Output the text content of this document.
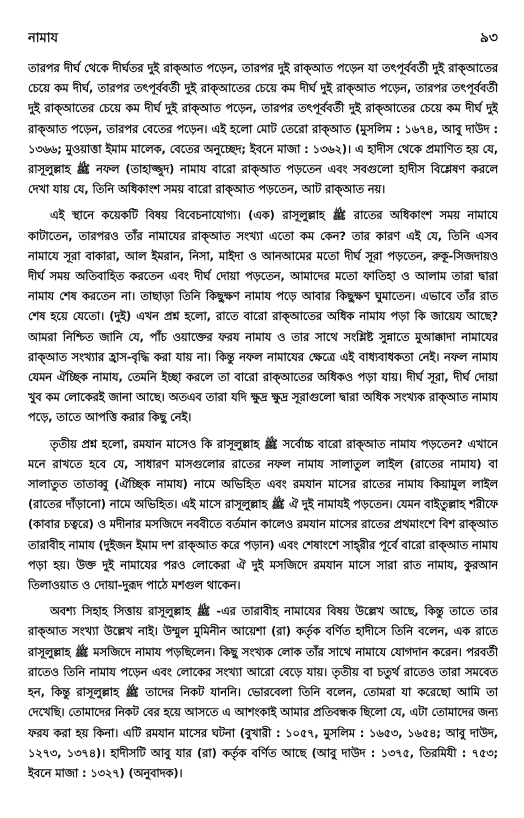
নামায	৯৩

তারপর দীর্ঘ থেকে দীর্ঘতর দুই রাক্‌আত পড়েন, তারপর দুই রাক্‌আত পড়েন যা তৎপূর্ববর্তী দুই রাক্‌আতের চেয়ে কম দীর্ঘ, তারপর তৎপূর্ববর্তী দুই রাক্‌আতের চেয়ে কম দীর্ঘ দুই রাক্‌আত পড়েন, তারপর তৎপূর্ববর্তী দুই রাক্‌আতের চেয়ে কম দীর্ঘ দুই রাক্‌আত পড়েন, তারপর তৎপূর্ববর্তী দুই রাক্‌আতের চেয়ে কম দীর্ঘ দুই রাক্‌আত পড়েন, তারপর বেতের পড়েন। এই হলো মোট তেরো রাক্‌আত (মুসলিম : ১৬৭৪, আবু দাউদ : ১৩৬৬; মুওয়াত্তা ইমাম মালেক, বেতের অনুচ্ছেদ; ইবনে মাজা : ১৩৬২)। এ হাদীস থেকে প্রমাণিত হয় যে, রাসূলুল্লাহ ﷺ নফল (তাহাজ্জুদ) নামায বারো রাক্‌আত পড়তেন এবং সবগুলো হাদীস বিশ্লেষণ করলে দেখা যায় যে, তিনি অধিকাংশ সময় বারো রাক্‌আত পড়তেন, আট রাক্‌আত নয়।

এই স্থানে কয়েকটি বিষয় বিবেচনাযোগ্য। (এক) রাসূলুল্লাহ ﷺ রাতের অধিকাংশ সময় নামাযে কাটাতেন, তারপরও তাঁর নামাযের রাক্‌আত সংখ্যা এতো কম কেন? তার কারণ এই যে, তিনি এসব নামাযে সূরা বাকারা, আল ইমরান, নিসা, মাইদা ও আনআমের মতো দীর্ঘ সূরা পড়তেন, রুকূ-সিজদায়ও দীর্ঘ সময় অতিবাহিত করতেন এবং দীর্ঘ দোয়া পড়তেন, আমাদের মতো ফাতিহা ও আলাম তারা দ্বারা নামায শেষ করতেন না। তাছাড়া তিনি কিছুক্ষণ নামায পড়ে আবার কিছুক্ষণ ঘুমাতেন। এভাবে তাঁর রাত শেষ হয়ে যেতো। (দুই) এখন প্রশ্ন হলো, রাতে বারো রাক্‌আতের অধিক নামায পড়া কি জায়েয আছে? আমরা নিশ্চিত জানি যে, পাঁচ ওয়াক্তের ফরয নামায ও তার সাথে সংশ্লিষ্ট সুন্নাতে মুআক্কাদা নামাযের রাক্‌আত সংখ্যার হ্রাস-বৃদ্ধি করা যায় না। কিন্তু নফল নামাযের ক্ষেত্রে এই বাধ্যবাধকতা নেই। নফল নামায যেমন ঐচ্ছিক নামায, তেমনি ইচ্ছা করলে তা বারো রাক্‌আতের অধিকও পড়া যায়। দীর্ঘ সূরা, দীর্ঘ দোয়া খুব কম লোকেরই জানা আছে। অতএব তারা যদি ক্ষুদ্র ক্ষুদ্র সূরাগুলো দ্বারা অধিক সংখ্যক রাক্‌আত নামায পড়ে, তাতে আপত্তি করার কিছু নেই।

তৃতীয় প্রশ্ন হলো, রমযান মাসেও কি রাসূলুল্লাহ ﷺ সর্বোচ্চ বারো রাক্‌আত নামায পড়তেন? এখানে মনে রাখতে হবে যে, সাধারণ মাসগুলোর রাতের নফল নামায সালাতুল লাইল (রাতের নামায) বা সালাতুত তাতাব্বু (ঐচ্ছিক নামায) নামে অভিহিত এবং রমযান মাসের রাতের নামায কিয়ামুল লাইল (রাতের দাঁড়ানো) নামে অভিহিত। এই মাসে রাসূলুল্লাহ ﷺ ঐ দুই নামাযই পড়তেন। যেমন বাইতুল্লাহ শরীফে (কাবার চত্বরে) ও মদীনার মসজিদে নববীতে বর্তমান কালেও রমযান মাসের রাতের প্রথমাংশে বিশ রাক্‌আত তারাবীহ নামায (দুইজন ইমাম দশ রাক্‌আত করে পড়ান) এবং শেষাংশে সাহ্‌রীর পূর্বে বারো রাক্‌আত নামায পড়া হয়। উক্ত দুই নামাযের পরও লোকেরা ঐ দুই মসজিদে রমযান মাসে সারা রাত নামায, কুরআন তিলাওয়াত ও দোয়া-দুরূদ পাঠে মশগুল থাকেন।

অবশ্য সিহাহ সিত্তায় রাসূলুল্লাহ ﷺ -এর তারাবীহ নামাযের বিষয় উল্লেখ আছে, কিন্তু তাতে তার রাক্‌আত সংখ্যা উল্লেখ নাই। উম্মুল মুমিনীন আয়েশা (রা) কর্তৃক বর্ণিত হাদীসে তিনি বলেন, এক রাতে রাসূলুল্লাহ ﷺ মসজিদে নামায পড়ছিলেন। কিছু সংখ্যক লোক তাঁর সাথে নামাযে যোগদান করেন। পরবর্তী রাতেও তিনি নামায পড়েন এবং লোকের সংখ্যা আরো বেড়ে যায়। তৃতীয় বা চতুর্থ রাতেও তারা সমবেত হন, কিন্তু রাসূলুল্লাহ ﷺ তাদের নিকট যাননি। ভোরবেলা তিনি বলেন, তোমরা যা করেছো আমি তা দেখেছি। তোমাদের নিকট বের হয়ে আসতে এ আশংকাই আমার প্রতিবন্ধক ছিলো যে, এটা তোমাদের জন্য ফরয করা হয় কিনা। এটি রমযান মাসের ঘটনা (বুখারী : ১০৫৭, মুসলিম : ১৬৫৩, ১৬৫৪; আবু দাউদ, ১২৭৩, ১৩৭৪)। হাদীসটি আবু যার (রা) কর্তৃক বর্ণিত আছে (আবু দাউদ : ১৩৭৫, তিরমিযী : ৭৫৩; ইবনে মাজা : ১৩২৭) (অনুবাদক)।
